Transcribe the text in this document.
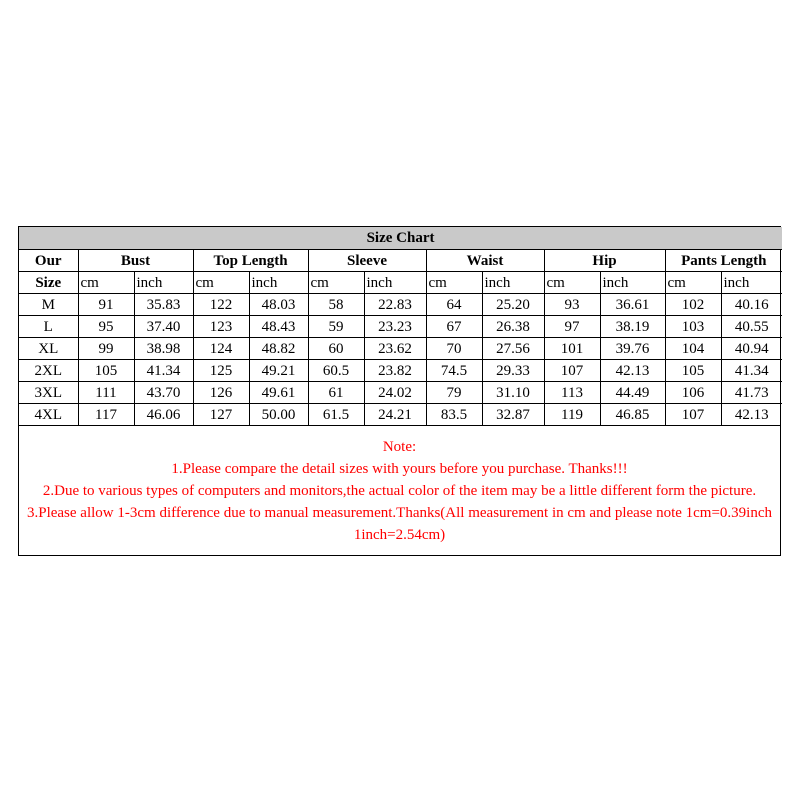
Size Chart												
Our	Bust		Top Length		Sleeve		Waist		Hip		Pants Length	
Size	cm	inch	cm	inch	cm	inch	cm	inch	cm	inch	cm	inch
M	91	35.83	122	48.03	58	22.83	64	25.20	93	36.61	102	40.16
L	95	37.40	123	48.43	59	23.23	67	26.38	97	38.19	103	40.55
XL	99	38.98	124	48.82	60	23.62	70	27.56	101	39.76	104	40.94
2XL	105	41.34	125	49.21	60.5	23.82	74.5	29.33	107	42.13	105	41.34
3XL	111	43.70	126	49.61	61	24.02	79	31.10	113	44.49	106	41.73
4XL	117	46.06	127	50.00	61.5	24.21	83.5	32.87	119	46.85	107	42.13
Note:
1.Please compare the detail sizes with yours before you purchase. Thanks!!!
2.Due to various types of computers and monitors,the actual color of the item may be a little different form the picture.
3.Please allow 1-3cm difference due to manual measurement.Thanks(All measurement in cm and please note 1cm=0.39inch 1inch=2.54cm)
